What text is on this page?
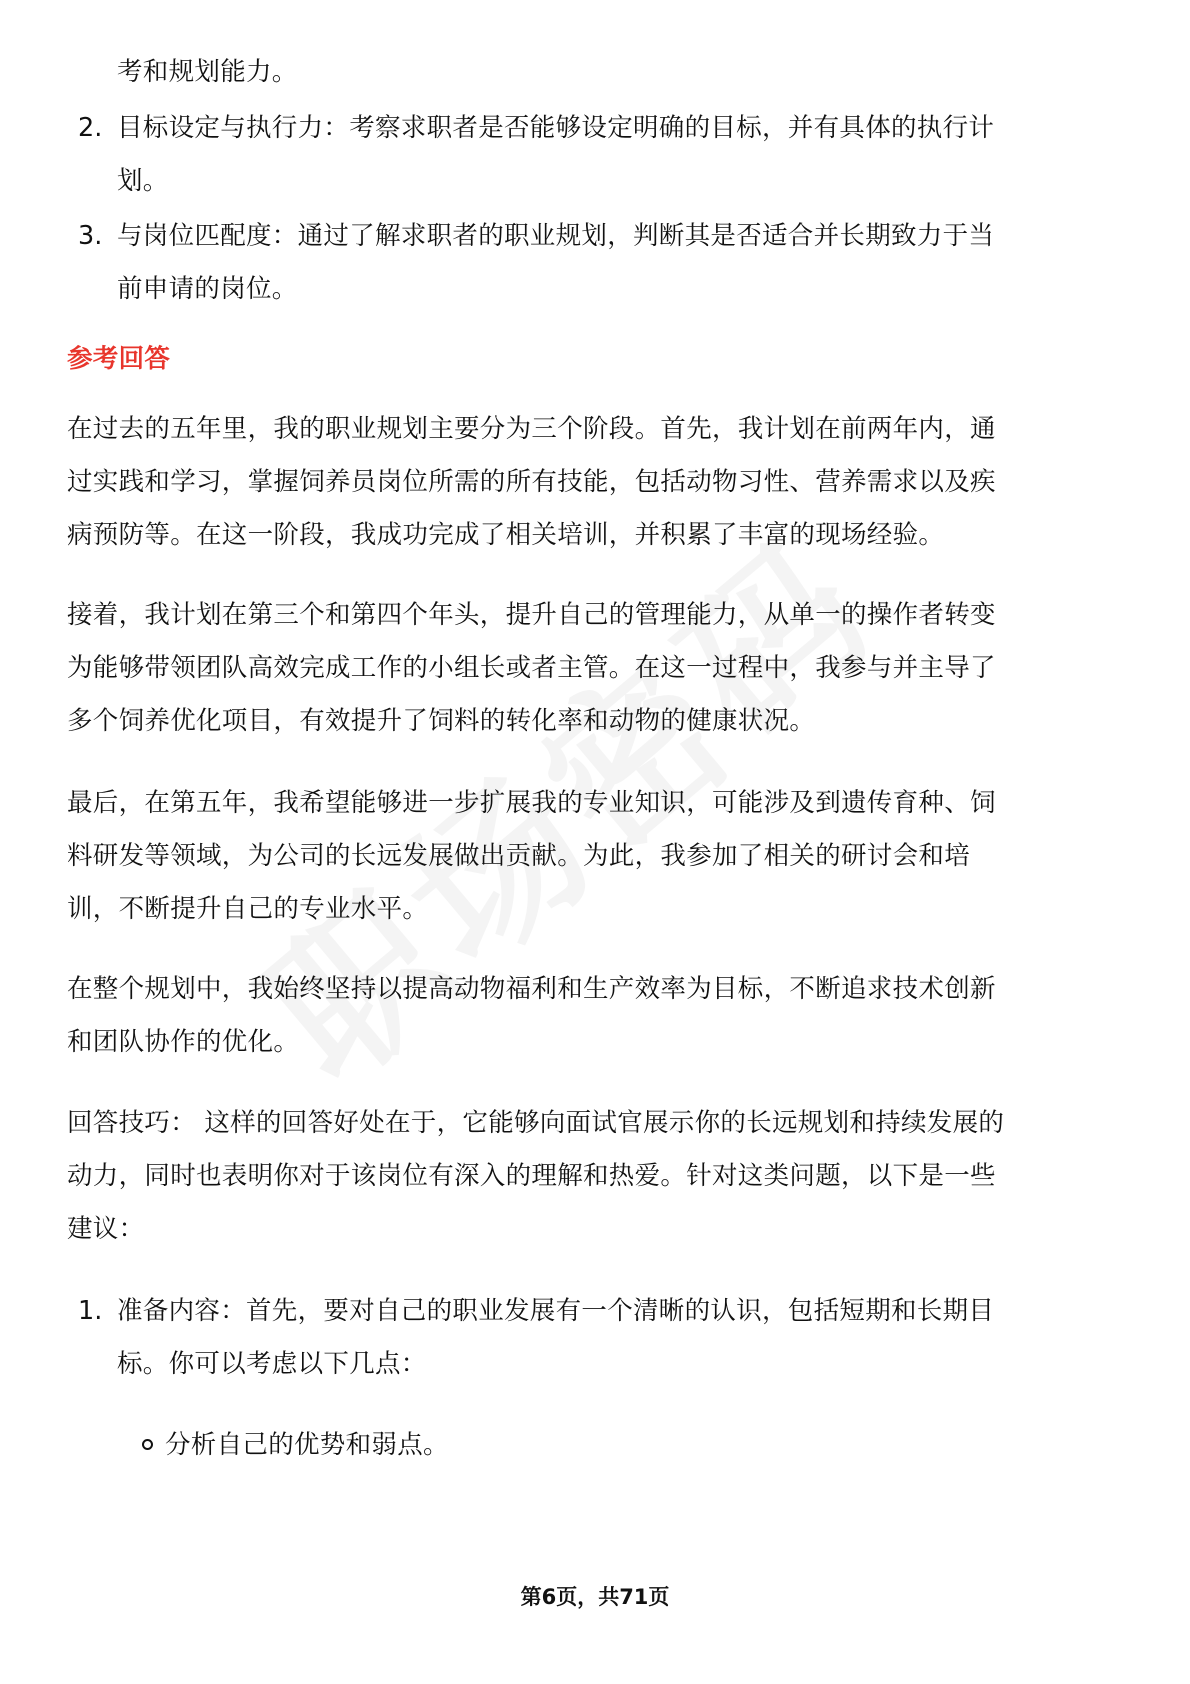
考和规划能力。
2. 目标设定与执行力：考察求职者是否能够设定明确的目标，并有具体的执行计
划。
3. 与岗位匹配度：通过了解求职者的职业规划，判断其是否适合并长期致力于当
前申请的岗位。
参考回答
在过去的五年里，我的职业规划主要分为三个阶段。首先，我计划在前两年内，通
过实践和学习，掌握饲养员岗位所需的所有技能，包括动物习性、营养需求以及疾
病预防等。在这一阶段，我成功完成了相关培训，并积累了丰富的现场经验。
接着，我计划在第三个和第四个年头，提升自己的管理能力，从单一的操作者转变
为能够带领团队高效完成工作的小组长或者主管。在这一过程中，我参与并主导了
多个饲养优化项目，有效提升了饲料的转化率和动物的健康状况。
最后，在第五年，我希望能够进一步扩展我的专业知识，可能涉及到遗传育种、饲
料研发等领域，为公司的长远发展做出贡献。为此，我参加了相关的研讨会和培
训，不断提升自己的专业水平。
在整个规划中，我始终坚持以提高动物福利和生产效率为目标，不断追求技术创新
和团队协作的优化。
回答技巧： 这样的回答好处在于，它能够向面试官展示你的长远规划和持续发展的
动力，同时也表明你对于该岗位有深入的理解和热爱。针对这类问题，以下是一些
建议：
1. 准备内容：首先，要对自己的职业发展有一个清晰的认识，包括短期和长期目
标。你可以考虑以下几点：
分析自己的优势和弱点。
第6页，共71页
